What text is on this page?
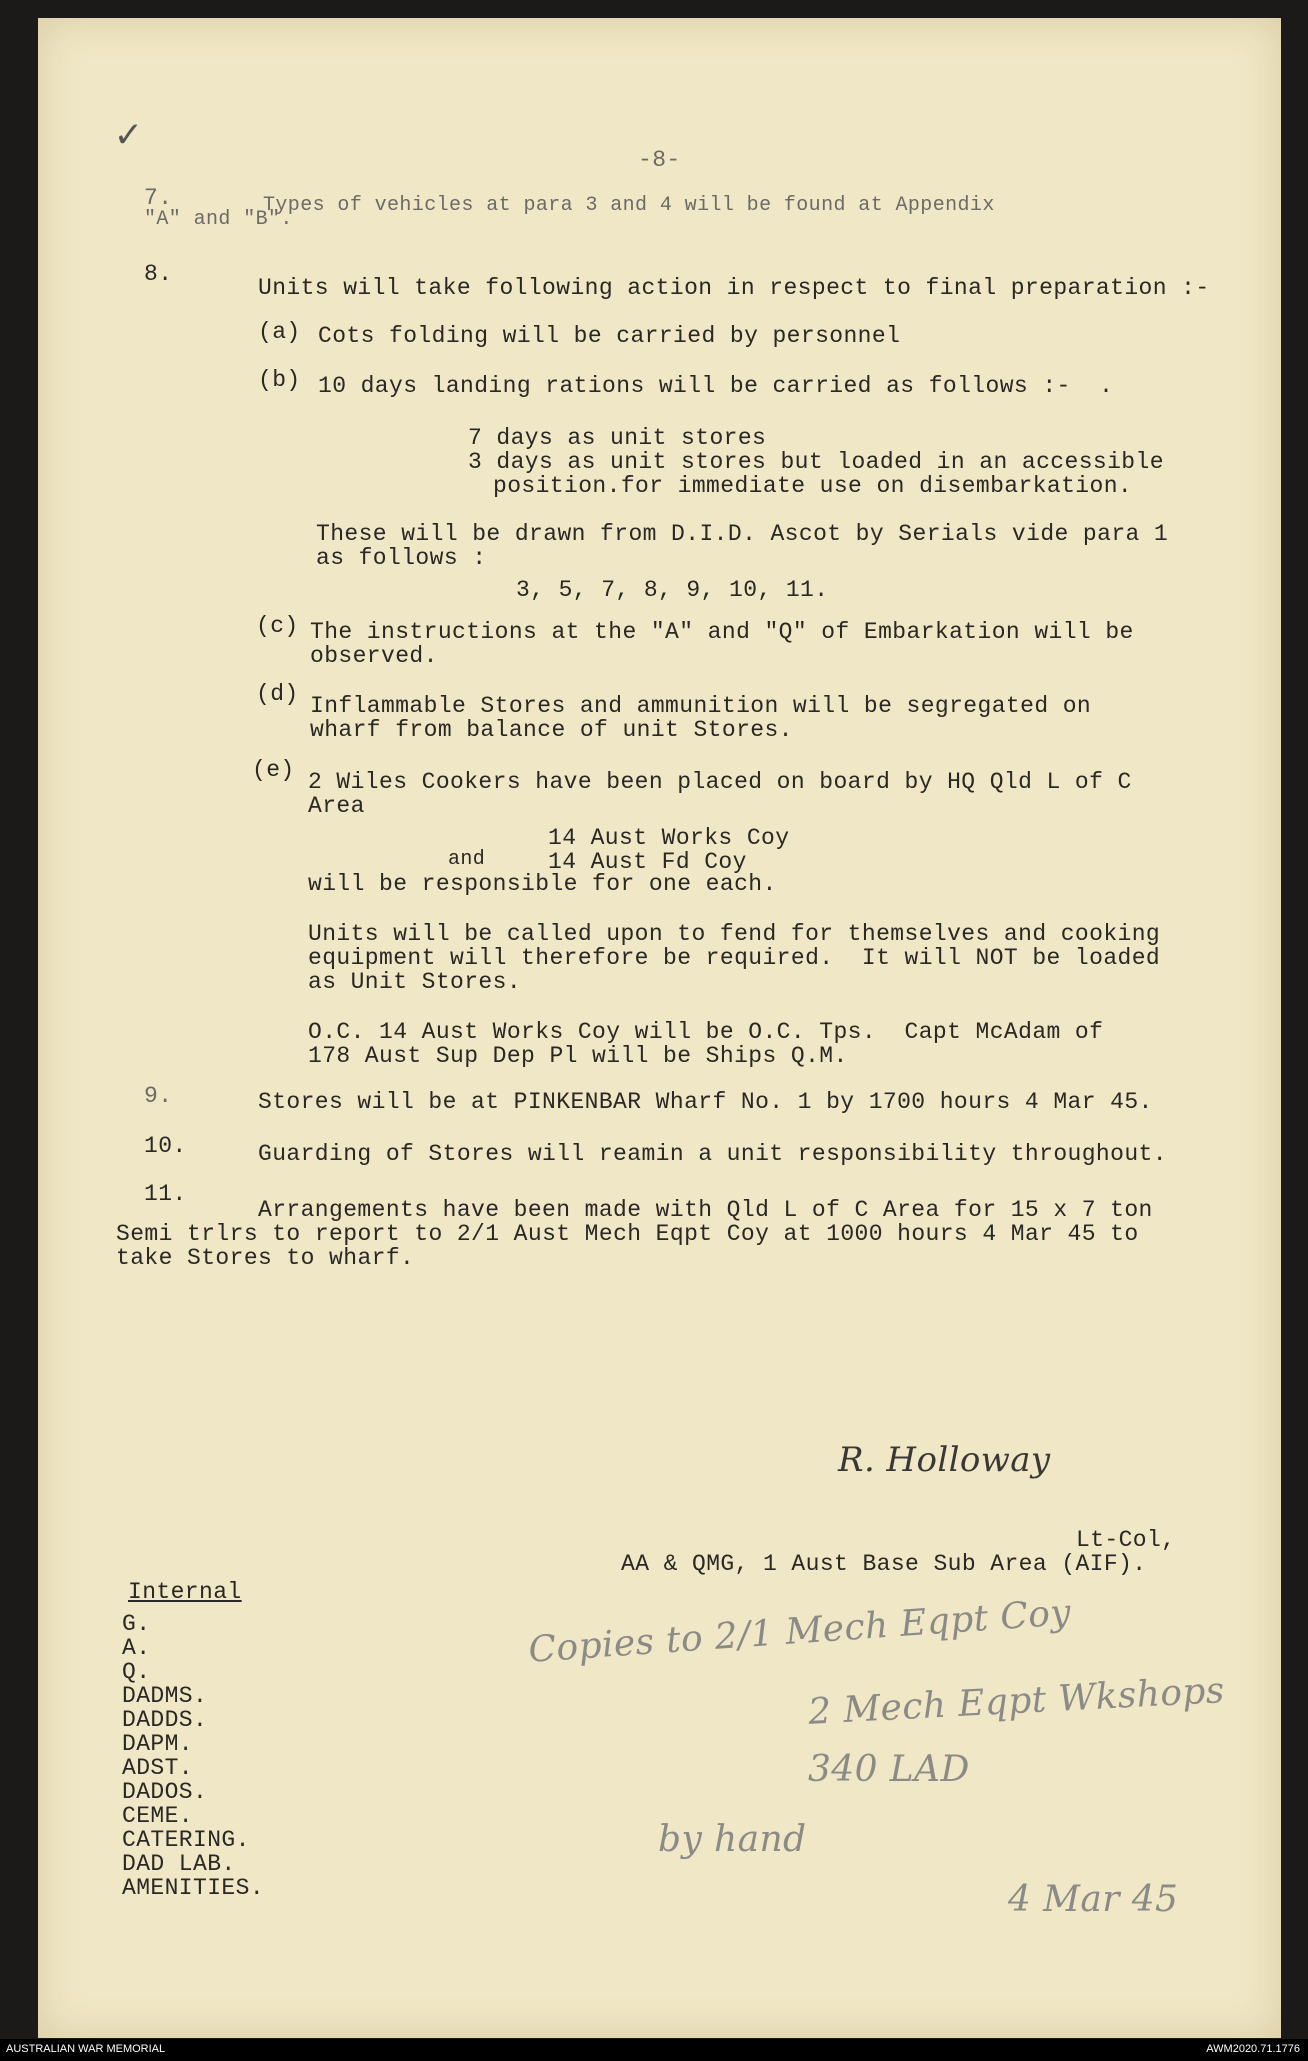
✓	-8-
7.	Types of vehicles at para 3 and 4 will be found at Appendix
"A" and "B".
8.
Units will take following action in respect to final preparation :-
(a) Cots folding will be carried by personnel
(b) 10 days landing rations will be carried as follows :-  .
7 days as unit stores
3 days as unit stores but loaded in an accessible
position.for immediate use on disembarkation.
These will be drawn from D.I.D. Ascot by Serials vide para 1
as follows :
3, 5, 7, 8, 9, 10, 11.
(c) The instructions at the "A" and "Q" of Embarkation will be
observed.
(d) Inflammable Stores and ammunition will be segregated on
wharf from balance of unit Stores.
(e) 2 Wiles Cookers have been placed on board by HQ Qld L of C
Area
14 Aust Works Coy
and	14 Aust Fd Coy
will be responsible for one each.
Units will be called upon to fend for themselves and cooking
equipment will therefore be required.  It will NOT be loaded
as Unit Stores.
O.C. 14 Aust Works Coy will be O.C. Tps.  Capt McAdam of
178 Aust Sup Dep Pl will be Ships Q.M.
9.	Stores will be at PINKENBAR Wharf No. 1 by 1700 hours 4 Mar 45.
10.	Guarding of Stores will reamin a unit responsibility throughout.
11.
Arrangements have been made with Qld L of C Area for 15 x 7 ton
Semi trlrs to report to 2/1 Aust Mech Eqpt Coy at 1000 hours 4 Mar 45 to
take Stores to wharf.
R. Holloway
Lt-Col,
AA & QMG, 1 Aust Base Sub Area (AIF).
Internal
G.
A.
Q.
DADMS.
DADDS.
DAPM.
ADST.
DADOS.
CEME.
CATERING.
DAD LAB.
AMENITIES.
Copies to 2/1 Mech Eqpt Coy
2 Mech Eqpt Wkshops
340 LAD
by hand
4 Mar 45
AUSTRALIAN WAR MEMORIAL	AWM2020.71.1776
